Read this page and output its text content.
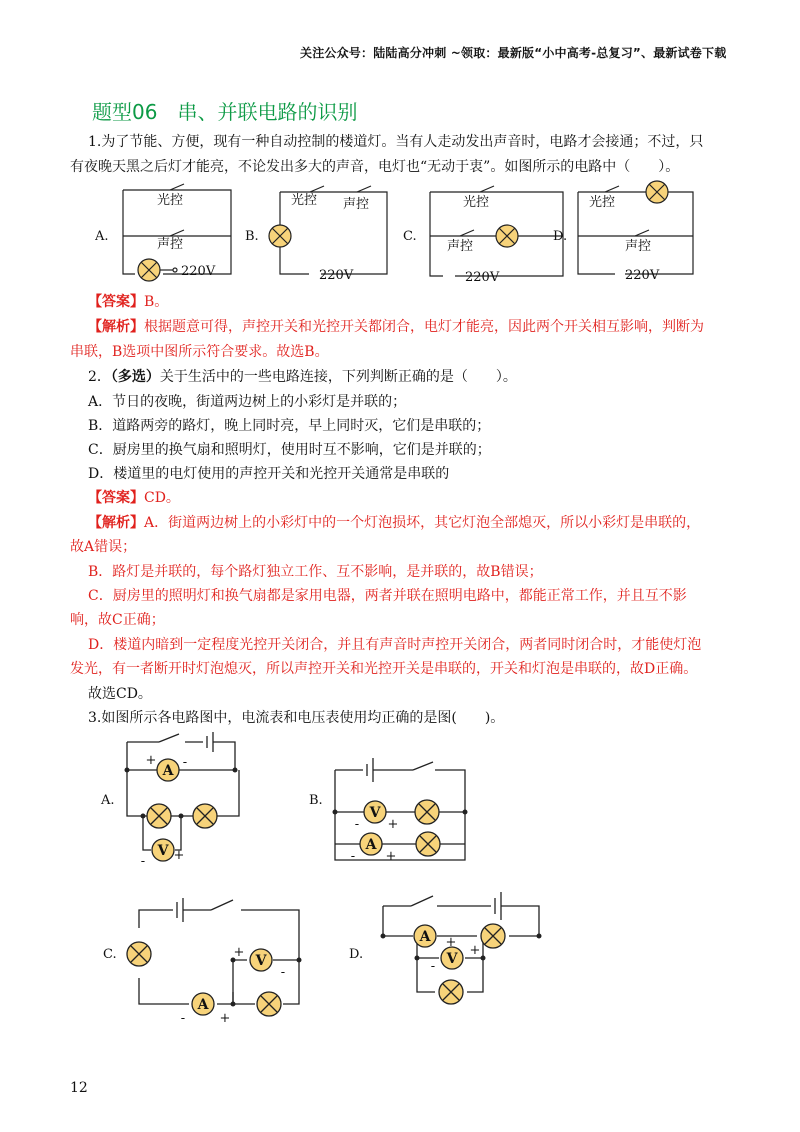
关注公众号：陆陆高分冲刺 ~领取：最新版“小中高考-总复习”、最新试卷下载
题型06　串、并联电路的识别
1.为了节能、方便，现有一种自动控制的楼道灯。当有人走动发出声音时，电路才会接通；不过，只
有夜晚天黑之后灯才能亮，不论发出多大的声音，电灯也“无动于衷”。如图所示的电路中（　　）。
A.
光控
声控
220V
B.
光控 声控
220V
C.
光控
声控
220V
D.
光控
声控
220V
【答案】B。
【解析】根据题意可得，声控开关和光控开关都闭合，电灯才能亮，因此两个开关相互影响，判断为
串联，B选项中图所示符合要求。故选B。
2．（多选）关于生活中的一些电路连接，下列判断正确的是（　　）。
A．节日的夜晚，街道两边树上的小彩灯是并联的；
B．道路两旁的路灯，晚上同时亮，早上同时灭，它们是串联的；
C．厨房里的换气扇和照明灯，使用时互不影响，它们是并联的；
D．楼道里的电灯使用的声控开关和光控开关通常是串联的
【答案】CD。
【解析】A．街道两边树上的小彩灯中的一个灯泡损坏，其它灯泡全部熄灭，所以小彩灯是串联的，
故A错误；
B．路灯是并联的，每个路灯独立工作、互不影响，是并联的，故B错误；
C．厨房里的照明灯和换气扇都是家用电器，两者并联在照明电路中，都能正常工作，并且互不影
响，故C正确；
D．楼道内暗到一定程度光控开关闭合，并且有声音时声控开关闭合，两者同时闭合时，才能使灯泡
发光，有一者断开时灯泡熄灭，所以声控开关和光控开关是串联的，开关和灯泡是串联的，故D正确。
故选CD。
3.如图所示各电路图中，电流表和电压表使用均正确的是图(　　)。
A.	B.
C.	D.
A
V
V
A
A
V
A
V
+ -
- +
- +
- +
-	+
+
-
+
-
+
12
